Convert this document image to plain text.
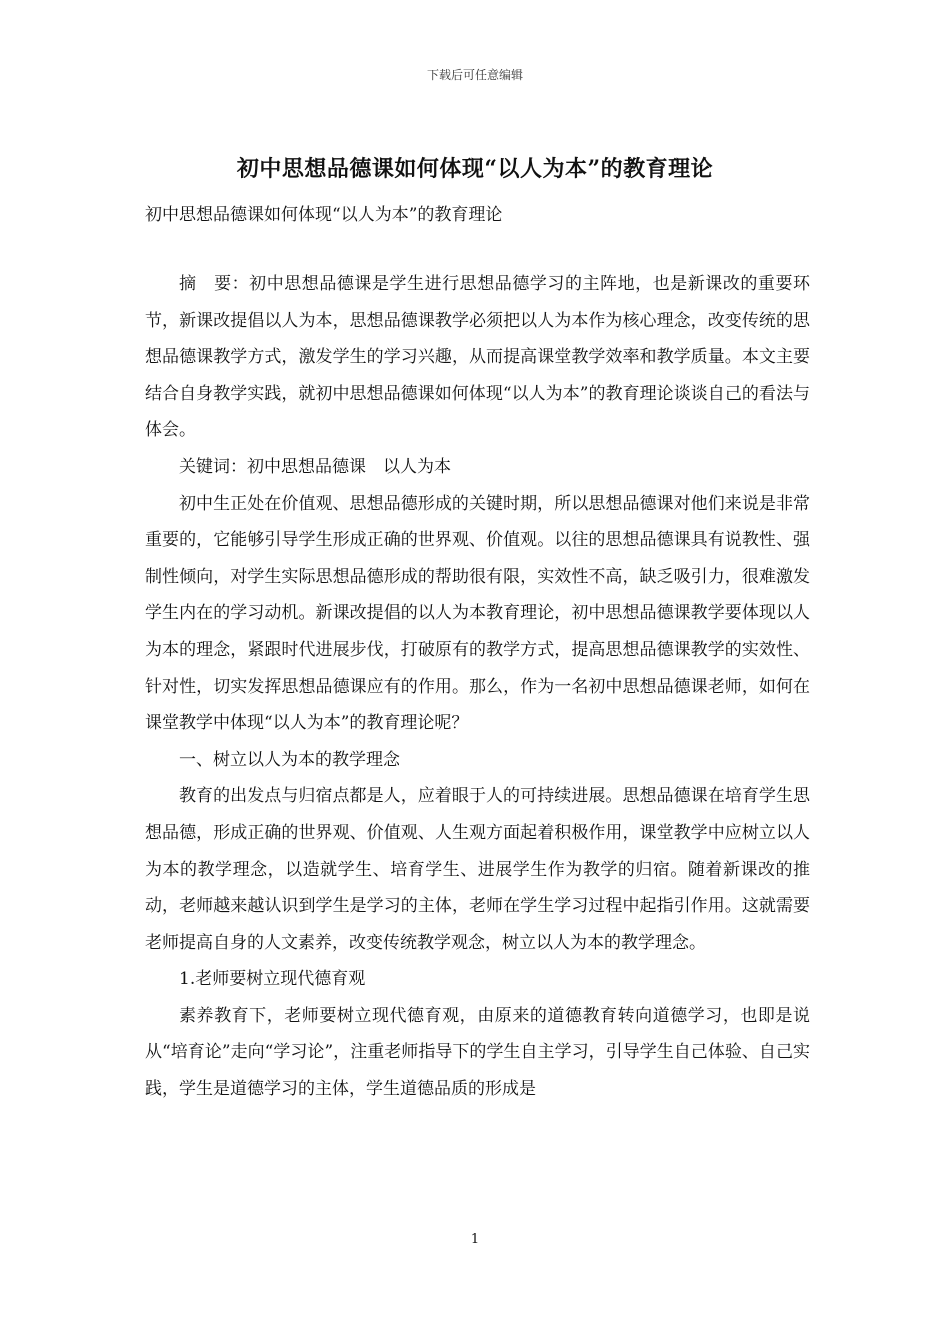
下载后可任意编辑
初中思想品德课如何体现“以人为本”的教育理论
初中思想品德课如何体现“以人为本”的教育理论

摘　要：初中思想品德课是学生进行思想品德学习的主阵地，也是新课改的重要环节，新课改提倡以人为本，思想品德课教学必须把以人为本作为核心理念，改变传统的思想品德课教学方式，激发学生的学习兴趣，从而提高课堂教学效率和教学质量。本文主要结合自身教学实践，就初中思想品德课如何体现“以人为本”的教育理论谈谈自己的看法与体会。

关键词：初中思想品德课　以人为本

初中生正处在价值观、思想品德形成的关键时期，所以思想品德课对他们来说是非常重要的，它能够引导学生形成正确的世界观、价值观。以往的思想品德课具有说教性、强制性倾向，对学生实际思想品德形成的帮助很有限，实效性不高，缺乏吸引力，很难激发学生内在的学习动机。新课改提倡的以人为本教育理论，初中思想品德课教学要体现以人为本的理念，紧跟时代进展步伐，打破原有的教学方式，提高思想品德课教学的实效性、针对性，切实发挥思想品德课应有的作用。那么，作为一名初中思想品德课老师，如何在课堂教学中体现“以人为本”的教育理论呢？

一、树立以人为本的教学理念

教育的出发点与归宿点都是人，应着眼于人的可持续进展。思想品德课在培育学生思想品德，形成正确的世界观、价值观、人生观方面起着积极作用，课堂教学中应树立以人为本的教学理念，以造就学生、培育学生、进展学生作为教学的归宿。随着新课改的推动，老师越来越认识到学生是学习的主体，老师在学生学习过程中起指引作用。这就需要老师提高自身的人文素养，改变传统教学观念，树立以人为本的教学理念。

1.老师要树立现代德育观

素养教育下，老师要树立现代德育观，由原来的道德教育转向道德学习，也即是说从“培育论”走向“学习论”，注重老师指导下的学生自主学习，引导学生自己体验、自己实践，学生是道德学习的主体，学生道德品质的形成是

1
